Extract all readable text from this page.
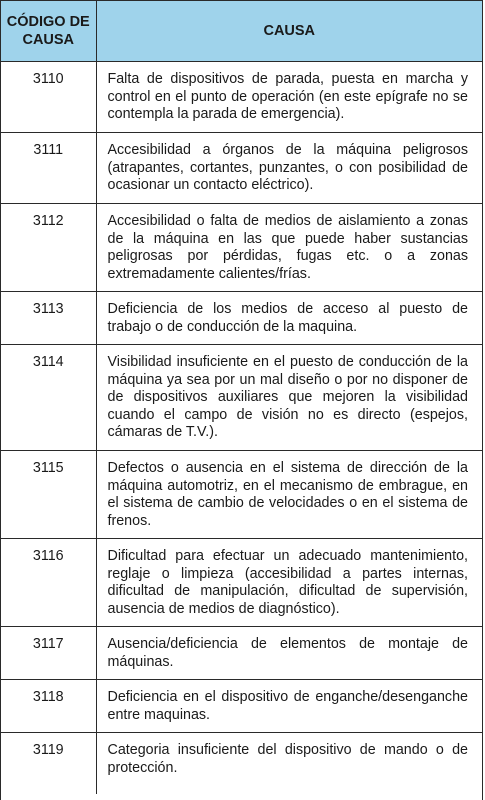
CÓDIGO DE CAUSA	CAUSA
3110	Falta de dispositivos de parada, puesta en marcha y control en el punto de operación (en este epígrafe no se contempla la parada de emergencia).
3111	Accesibilidad a órganos de la máquina peligrosos (atrapantes, cortantes, punzantes, o con posibilidad de ocasionar un contacto eléctrico).
3112	Accesibilidad o falta de medios de aislamiento a zonas de la máquina en las que puede haber sustancias peligrosas por pérdidas, fugas etc. o a zonas extremadamente calientes/frías.
3113	Deficiencia de los medios de acceso al puesto de trabajo o de conducción de la maquina.
3114	Visibilidad insuficiente en el puesto de conducción de la máquina ya sea por un mal diseño o por no disponer de de dispositivos auxiliares que mejoren la visibilidad cuando el campo de visión no es directo (espejos, cámaras de T.V.).
3115	Defectos o ausencia en el sistema de dirección de la máquina automotriz, en el mecanismo de embrague, en el sistema de cambio de velocidades o en el sistema de frenos.
3116	Dificultad para efectuar un adecuado mantenimiento, reglaje o limpieza (accesibilidad a partes internas, dificultad de manipulación, dificultad de supervisión, ausencia de medios de diagnóstico).
3117	Ausencia/deficiencia de elementos de montaje de máquinas.
3118	Deficiencia en el dispositivo de enganche/desenganche entre maquinas.
3119	Categoria insuficiente del dispositivo de mando o de protección.
